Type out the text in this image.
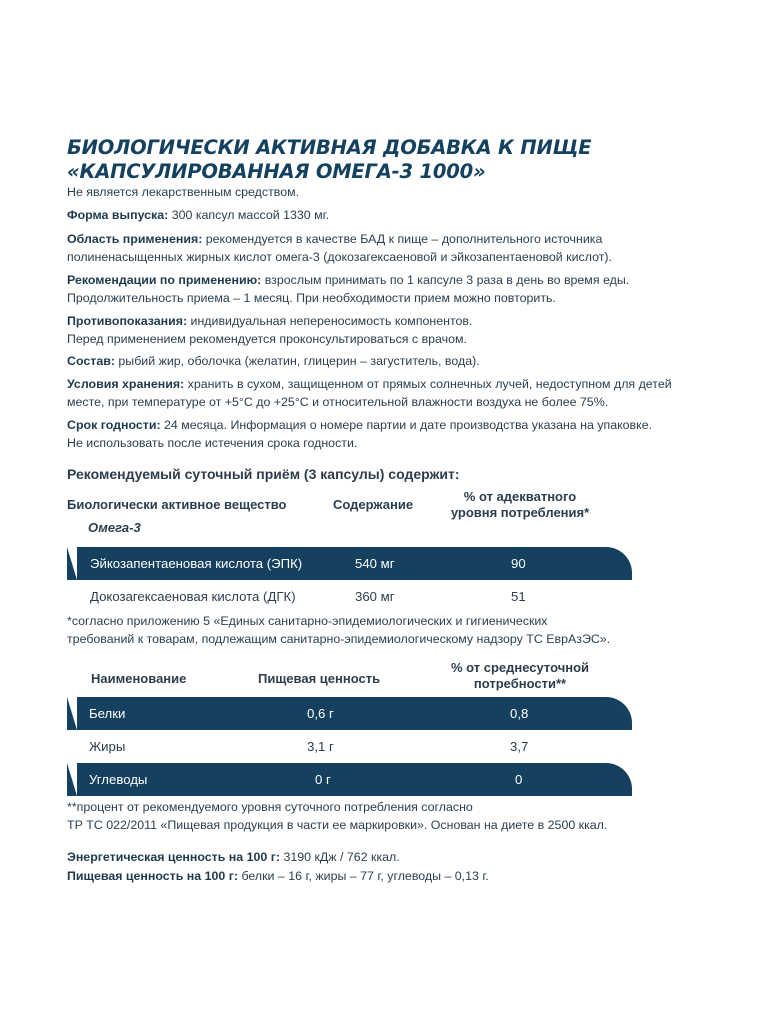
БИОЛОГИЧЕСКИ АКТИВНАЯ ДОБАВКА К ПИЩЕ
«КАПСУЛИРОВАННАЯ ОМЕГА-3 1000»
Не является лекарственным средством.
Форма выпуска: 300 капсул массой 1330 мг.
Область применения: рекомендуется в качестве БАД к пище – дополнительного источника
полиненасыщенных жирных кислот омега-3 (докозагексаеновой и эйкозапентаеновой кислот).
Рекомендации по применению: взрослым принимать по 1 капсуле 3 раза в день во время еды.
Продолжительность приема – 1 месяц. При необходимости прием можно повторить.
Противопоказания: индивидуальная непереносимость компонентов.
Перед применением рекомендуется проконсультироваться с врачом.
Состав: рыбий жир, оболочка (желатин, глицерин – загуститель, вода).
Условия хранения: хранить в сухом, защищенном от прямых солнечных лучей, недоступном для детей
месте, при температуре от +5°С до +25°С и относительной влажности воздуха не более 75%.
Срок годности: 24 месяца. Информация о номере партии и дате производства указана на упаковке.
Не использовать после истечения срока годности.
Рекомендуемый суточный приём (3 капсулы) содержит:
Биологически активное вещество	Содержание
% от адекватного
уровня потребления*
Омега-3
Эйкозапентаеновая кислота (ЭПК)	540 мг	90
Докозагексаеновая кислота (ДГК)	360 мг	51
*согласно приложению 5 «Единых санитарно-эпидемиологических и гигиенических
требований к товарам, подлежащим санитарно-эпидемиологическому надзору ТС ЕврАзЭС».
Наименование	Пищевая ценность
% от среднесуточной
потребности**
Белки	0,6 г	0,8
Жиры	3,1 г	3,7
Углеводы	0 г	0
**процент от рекомендуемого уровня суточного потребления согласно
ТР ТС 022/2011 «Пищевая продукция в части ее маркировки». Основан на диете в 2500 ккал.
Энергетическая ценность на 100 г: 3190 кДж / 762 ккал.
Пищевая ценность на 100 г: белки – 16 г, жиры – 77 г, углеводы – 0,13 г.
